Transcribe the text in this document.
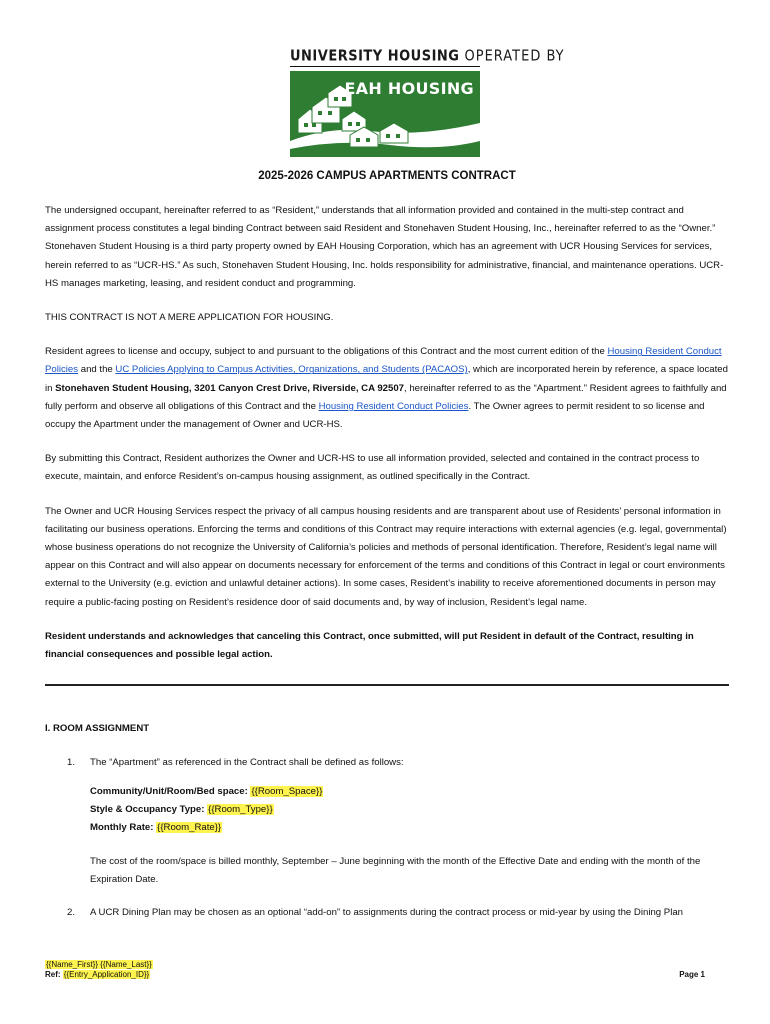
UNIVERSITY HOUSING OPERATED BY
EAH HOUSING
2025-2026 CAMPUS APARTMENTS CONTRACT

The undersigned occupant, hereinafter referred to as “Resident,” understands that all information provided and contained in the multi-step contract and assignment process constitutes a legal binding Contract between said Resident and Stonehaven Student Housing, Inc., hereinafter referred to as the “Owner.” Stonehaven Student Housing is a third party property owned by EAH Housing Corporation, which has an agreement with UCR Housing Services for services, herein referred to as “UCR-HS.” As such, Stonehaven Student Housing, Inc. holds responsibility for administrative, financial, and maintenance operations. UCR-HS manages marketing, leasing, and resident conduct and programming.

THIS CONTRACT IS NOT A MERE APPLICATION FOR HOUSING.

Resident agrees to license and occupy, subject to and pursuant to the obligations of this Contract and the most current edition of the Housing Resident Conduct Policies and the UC Policies Applying to Campus Activities, Organizations, and Students (PACAOS), which are incorporated herein by reference, a space located in Stonehaven Student Housing, 3201 Canyon Crest Drive, Riverside, CA 92507, hereinafter referred to as the “Apartment.” Resident agrees to faithfully and fully perform and observe all obligations of this Contract and the Housing Resident Conduct Policies. The Owner agrees to permit resident to so license and occupy the Apartment under the management of Owner and UCR-HS.

By submitting this Contract, Resident authorizes the Owner and UCR-HS to use all information provided, selected and contained in the contract process to execute, maintain, and enforce Resident’s on-campus housing assignment, as outlined specifically in the Contract.

The Owner and UCR Housing Services respect the privacy of all campus housing residents and are transparent about use of Residents’ personal information in facilitating our business operations. Enforcing the terms and conditions of this Contract may require interactions with external agencies (e.g. legal, governmental) whose business operations do not recognize the University of California’s policies and methods of personal identification. Therefore, Resident’s legal name will appear on this Contract and will also appear on documents necessary for enforcement of the terms and conditions of this Contract in legal or court environments external to the University (e.g. eviction and unlawful detainer actions). In some cases, Resident’s inability to receive aforementioned documents in person may require a public-facing posting on Resident’s residence door of said documents and, by way of inclusion, Resident’s legal name.

Resident understands and acknowledges that canceling this Contract, once submitted, will put Resident in default of the Contract, resulting in financial consequences and possible legal action.

I. ROOM ASSIGNMENT
1. The “Apartment” as referenced in the Contract shall be defined as follows:
Community/Unit/Room/Bed space: {{Room_Space}}
Style & Occupancy Type: {{Room_Type}}
Monthly Rate: {{Room_Rate}}
The cost of the room/space is billed monthly, September – June beginning with the month of the Effective Date and ending with the month of the Expiration Date.
2. A UCR Dining Plan may be chosen as an optional “add-on” to assignments during the contract process or mid-year by using the Dining Plan
{{Name_First}} {{Name_Last}}
Ref: {{Entry_Application_ID}}	Page 1
